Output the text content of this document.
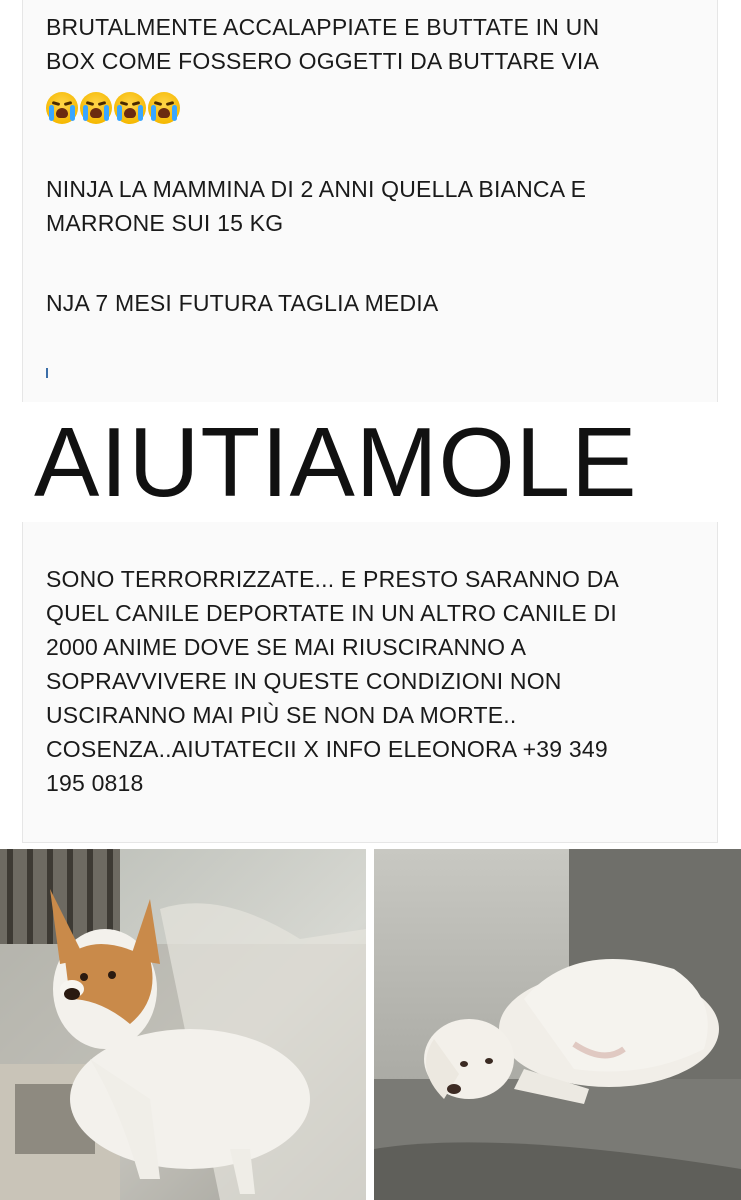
BRUTALMENTE ACCALAPPIATE E BUTTATE IN UN
BOX COME FOSSERO OGGETTI DA BUTTARE VIA

NINJA LA MAMMINA DI 2 ANNI QUELLA BIANCA E
MARRONE SUI 15 KG

NJA 7 MESI FUTURA TAGLIA MEDIA

AIUTIAMOLE

SONO TERRORRIZZATE... E PRESTO SARANNO DA
QUEL CANILE DEPORTATE IN UN ALTRO CANILE DI
2000 ANIME DOVE SE MAI RIUSCIRANNO A
SOPRAVVIVERE IN QUESTE CONDIZIONI NON
USCIRANNO MAI PIÙ SE NON DA MORTE..
COSENZA..AIUTATECII X INFO ELEONORA +39 349
195 0818
